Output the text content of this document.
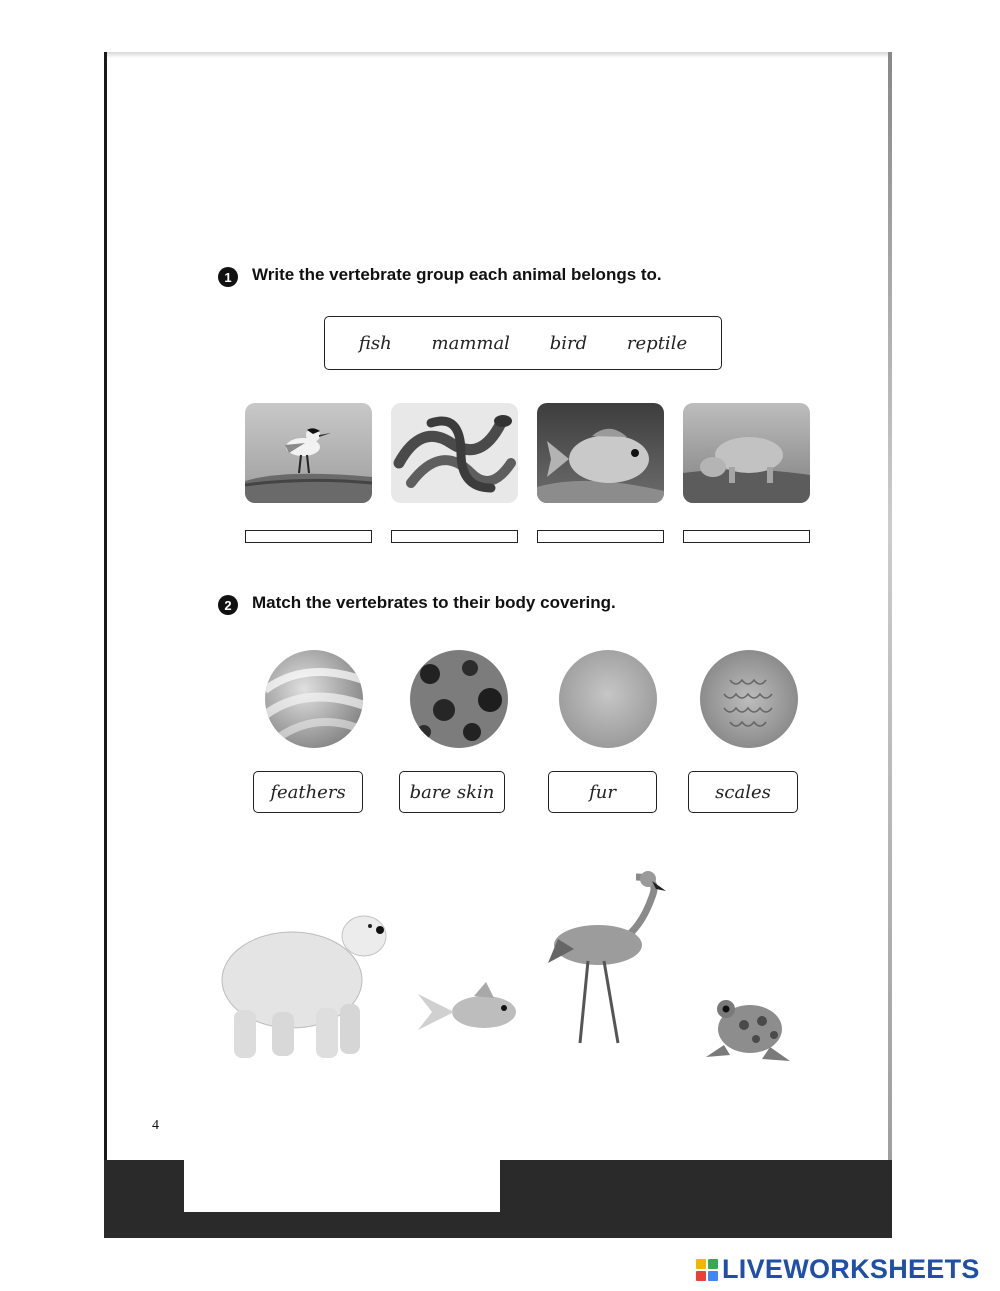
1	Write the vertebrate group each animal belongs to.
fish mammal bird reptile
2	Match the vertebrates to their body covering.
feathers	bare skin	fur	scales
4
LIVEWORKSHEETS
